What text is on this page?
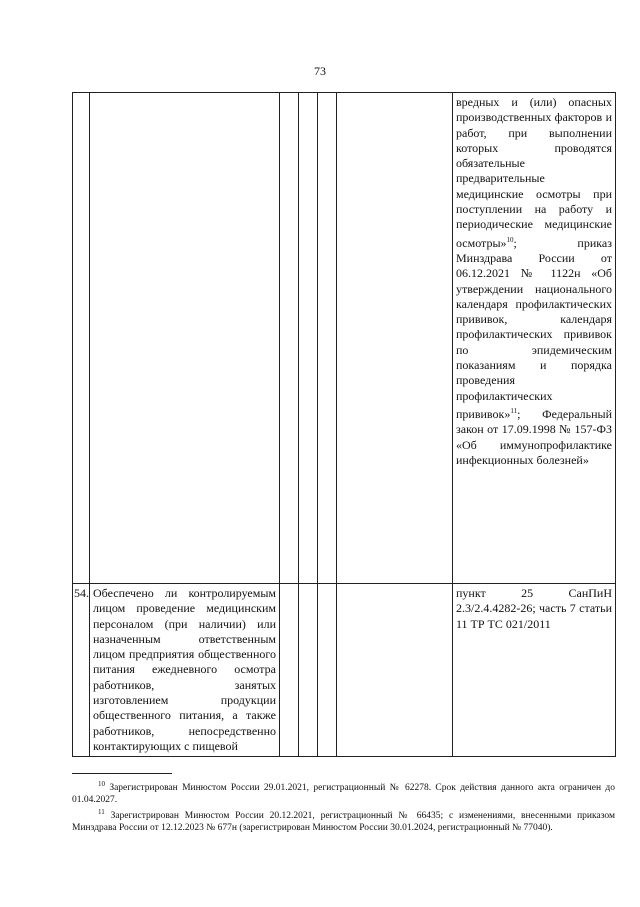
73

						вредных и (или) опасных производственных факторов и работ, при выполнении которых проводятся обязательные предварительные медицинские осмотры при поступлении на работу и периодические медицинские осмотры»$^{10}$; приказ Минздрава России от 06.12.2021 № 1122н «Об утверждении национального календаря профилактических прививок, календаря профилактических прививок по эпидемическим показаниям и порядка проведения профилактических прививок»$^{11}$; Федеральный закон от 17.09.1998 № 157-ФЗ «Об иммунопрофилактике инфекционных болезней»

54.	Обеспечено ли контролируемым лицом проведение медицинским персоналом (при наличии) или назначенным ответственным лицом предприятия общественного питания ежедневного осмотра работников, занятых изготовлением продукции общественного питания, а также работников, непосредственно контактирующих с пищевой					пункт 25 СанПиН 2.3/2.4.4282-26; часть 7 статьи 11 ТР ТС 021/2011

$^{10}$ Зарегистрирован Минюстом России 29.01.2021, регистрационный № 62278. Срок действия данного акта ограничен до 01.04.2027.

$^{11}$ Зарегистрирован Минюстом России 20.12.2021, регистрационный № 66435; с изменениями, внесенными приказом Минздрава России от 12.12.2023 № 677н (зарегистрирован Минюстом России 30.01.2024, регистрационный № 77040).
